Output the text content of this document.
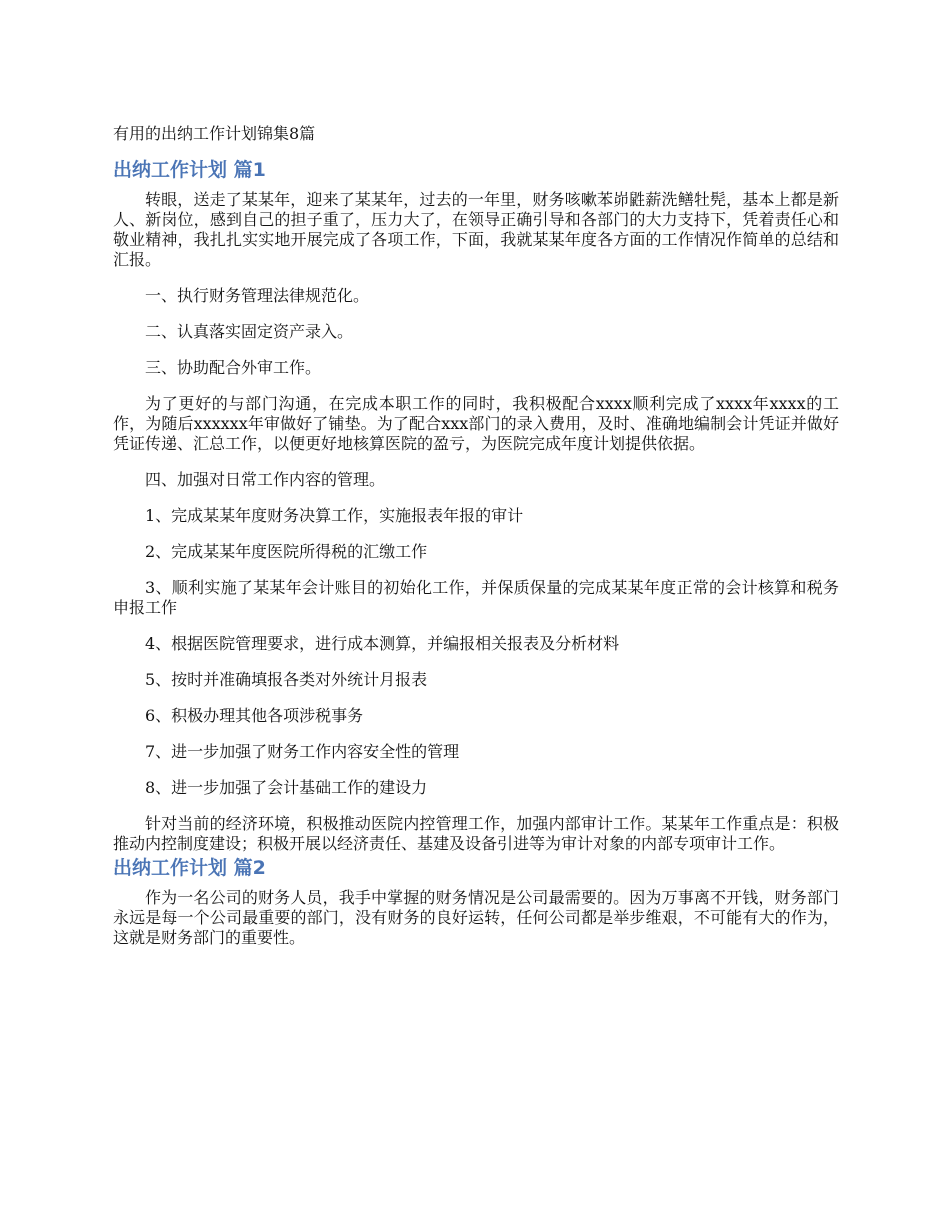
有用的出纳工作计划锦集8篇
出纳工作计划 篇1

转眼，送走了某某年，迎来了某某年，过去的一年里，财务咳嗽苯峁鼪薪洗鳝牡髡，基本上都是新人、新岗位，感到自己的担子重了，压力大了，在领导正确引导和各部门的大力支持下，凭着责任心和敬业精神，我扎扎实实地开展完成了各项工作，下面，我就某某年度各方面的工作情况作简单的总结和汇报。

一、执行财务管理法律规范化。

二、认真落实固定资产录入。

三、协助配合外审工作。

为了更好的与部门沟通，在完成本职工作的同时，我积极配合xxxx顺利完成了xxxx年xxxx的工作，为随后xxxxxx年审做好了铺垫。为了配合xxx部门的录入费用，及时、准确地编制会计凭证并做好凭证传递、汇总工作，以便更好地核算医院的盈亏，为医院完成年度计划提供依据。

四、加强对日常工作内容的管理。

1、完成某某年度财务决算工作，实施报表年报的审计

2、完成某某年度医院所得税的汇缴工作

3、顺利实施了某某年会计账目的初始化工作，并保质保量的完成某某年度正常的会计核算和税务申报工作

4、根据医院管理要求，进行成本测算，并编报相关报表及分析材料

5、按时并准确填报各类对外统计月报表

6、积极办理其他各项涉税事务

7、进一步加强了财务工作内容安全性的管理

8、进一步加强了会计基础工作的建设力

针对当前的经济环境，积极推动医院内控管理工作，加强内部审计工作。某某年工作重点是：积极推动内控制度建设；积极开展以经济责任、基建及设备引进等为审计对象的内部专项审计工作。

出纳工作计划 篇2

作为一名公司的财务人员，我手中掌握的财务情况是公司最需要的。因为万事离不开钱，财务部门永远是每一个公司最重要的部门，没有财务的良好运转，任何公司都是举步维艰，不可能有大的作为，这就是财务部门的重要性。
